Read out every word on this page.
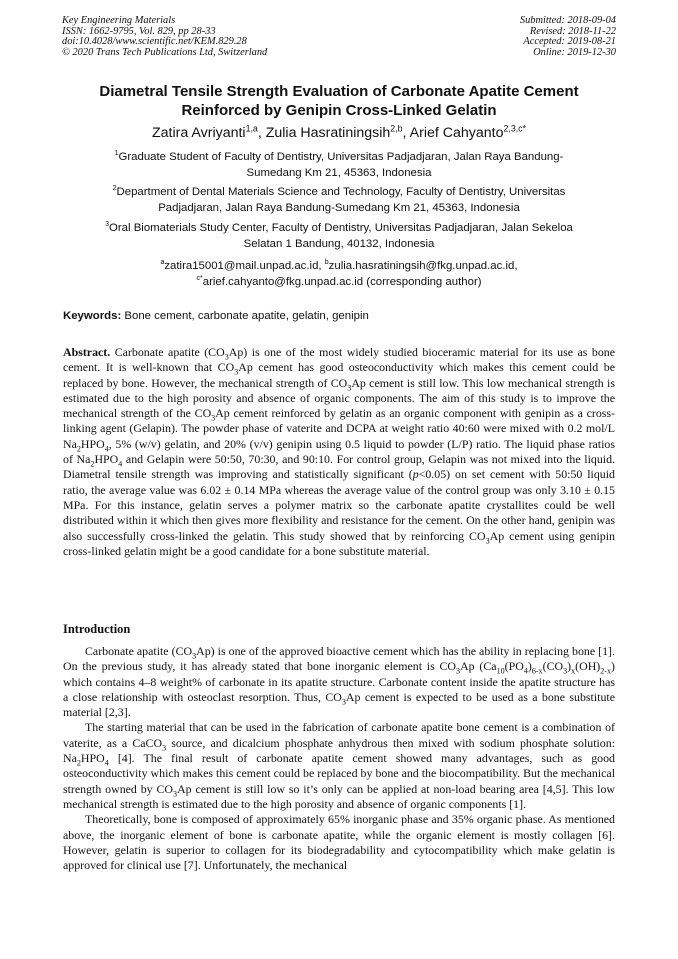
Key Engineering Materials
ISSN: 1662-9795, Vol. 829, pp 28-33
doi:10.4028/www.scientific.net/KEM.829.28
© 2020 Trans Tech Publications Ltd, Switzerland
Submitted: 2018-09-04
Revised: 2018-11-22
Accepted: 2019-08-21
Online: 2019-12-30
Diametral Tensile Strength Evaluation of Carbonate Apatite Cement
Reinforced by Genipin Cross-Linked Gelatin
Zatira Avriyanti$^{1,a}$, Zulia Hasratiningsih$^{2,b}$, Arief Cahyanto$^{2,3,c*}$
$^1$Graduate Student of Faculty of Dentistry, Universitas Padjadjaran, Jalan Raya Bandung-
Sumedang Km 21, 45363, Indonesia
$^2$Department of Dental Materials Science and Technology, Faculty of Dentistry, Universitas
Padjadjaran, Jalan Raya Bandung-Sumedang Km 21, 45363, Indonesia
$^3$Oral Biomaterials Study Center, Faculty of Dentistry, Universitas Padjadjaran, Jalan Sekeloa
Selatan 1 Bandung, 40132, Indonesia
$^a$zatira15001@mail.unpad.ac.id, $^b$zulia.hasratiningsih@fkg.unpad.ac.id,
$^{c*}$arief.cahyanto@fkg.unpad.ac.id (corresponding author)
Keywords: Bone cement, carbonate apatite, gelatin, genipin

Abstract. Carbonate apatite $(CO_3Ap)$ is one of the most widely studied bioceramic material for its use as bone cement. It is well-known that $CO_3Ap$ cement has good osteoconductivity which makes this cement could be replaced by bone. However, the mechanical strength of $CO_3Ap$ cement is still low. This low mechanical strength is estimated due to the high porosity and absence of organic components. The aim of this study is to improve the mechanical strength of the $CO_3Ap$ cement reinforced by gelatin as an organic component with genipin as a cross-linking agent (Gelapin). The powder phase of vaterite and DCPA at weight ratio 40:60 were mixed with 0.2 mol/L $Na_2HPO_4$, 5% (w/v) gelatin, and 20% (v/v) genipin using 0.5 liquid to powder (L/P) ratio. The liquid phase ratios of $Na_2HPO_4$ and Gelapin were 50:50, 70:30, and 90:10. For control group, Gelapin was not mixed into the liquid. Diametral tensile strength was improving and statistically significant (p<0.05) on set cement with 50:50 liquid ratio, the average value was 6.02 ± 0.14 MPa whereas the average value of the control group was only 3.10 ± 0.15 MPa. For this instance, gelatin serves a polymer matrix so the carbonate apatite crystallites could be well distributed within it which then gives more flexibility and resistance for the cement. On the other hand, genipin was also successfully cross-linked the gelatin. This study showed that by reinforcing $CO_3Ap$ cement using genipin cross-linked gelatin might be a good candidate for a bone substitute material.

Introduction

Carbonate apatite $(CO_3Ap)$ is one of the approved bioactive cement which has the ability in replacing bone [1]. On the previous study, it has already stated that bone inorganic element is $CO_3Ap$ $(Ca_{10}(PO_4)_{6-x}(CO_3)_x(OH)_{2-x})$ which contains 4–8 weight% of carbonate in its apatite structure. Carbonate content inside the apatite structure has a close relationship with osteoclast resorption. Thus, $CO_3Ap$ cement is expected to be used as a bone substitute material [2,3].

The starting material that can be used in the fabrication of carbonate apatite bone cement is a combination of vaterite, as a CaCO$_3$ source, and dicalcium phosphate anhydrous then mixed with sodium phosphate solution: $Na_2HPO_4$ [4]. The final result of carbonate apatite cement showed many advantages, such as good osteoconductivity which makes this cement could be replaced by bone and the biocompatibility. But the mechanical strength owned by $CO_3Ap$ cement is still low so it’s only can be applied at non-load bearing area [4,5]. This low mechanical strength is estimated due to the high porosity and absence of organic components [1].

Theoretically, bone is composed of approximately 65% inorganic phase and 35% organic phase. As mentioned above, the inorganic element of bone is carbonate apatite, while the organic element is mostly collagen [6]. However, gelatin is superior to collagen for its biodegradability and cytocompatibility which make gelatin is approved for clinical use [7]. Unfortunately, the mechanical
